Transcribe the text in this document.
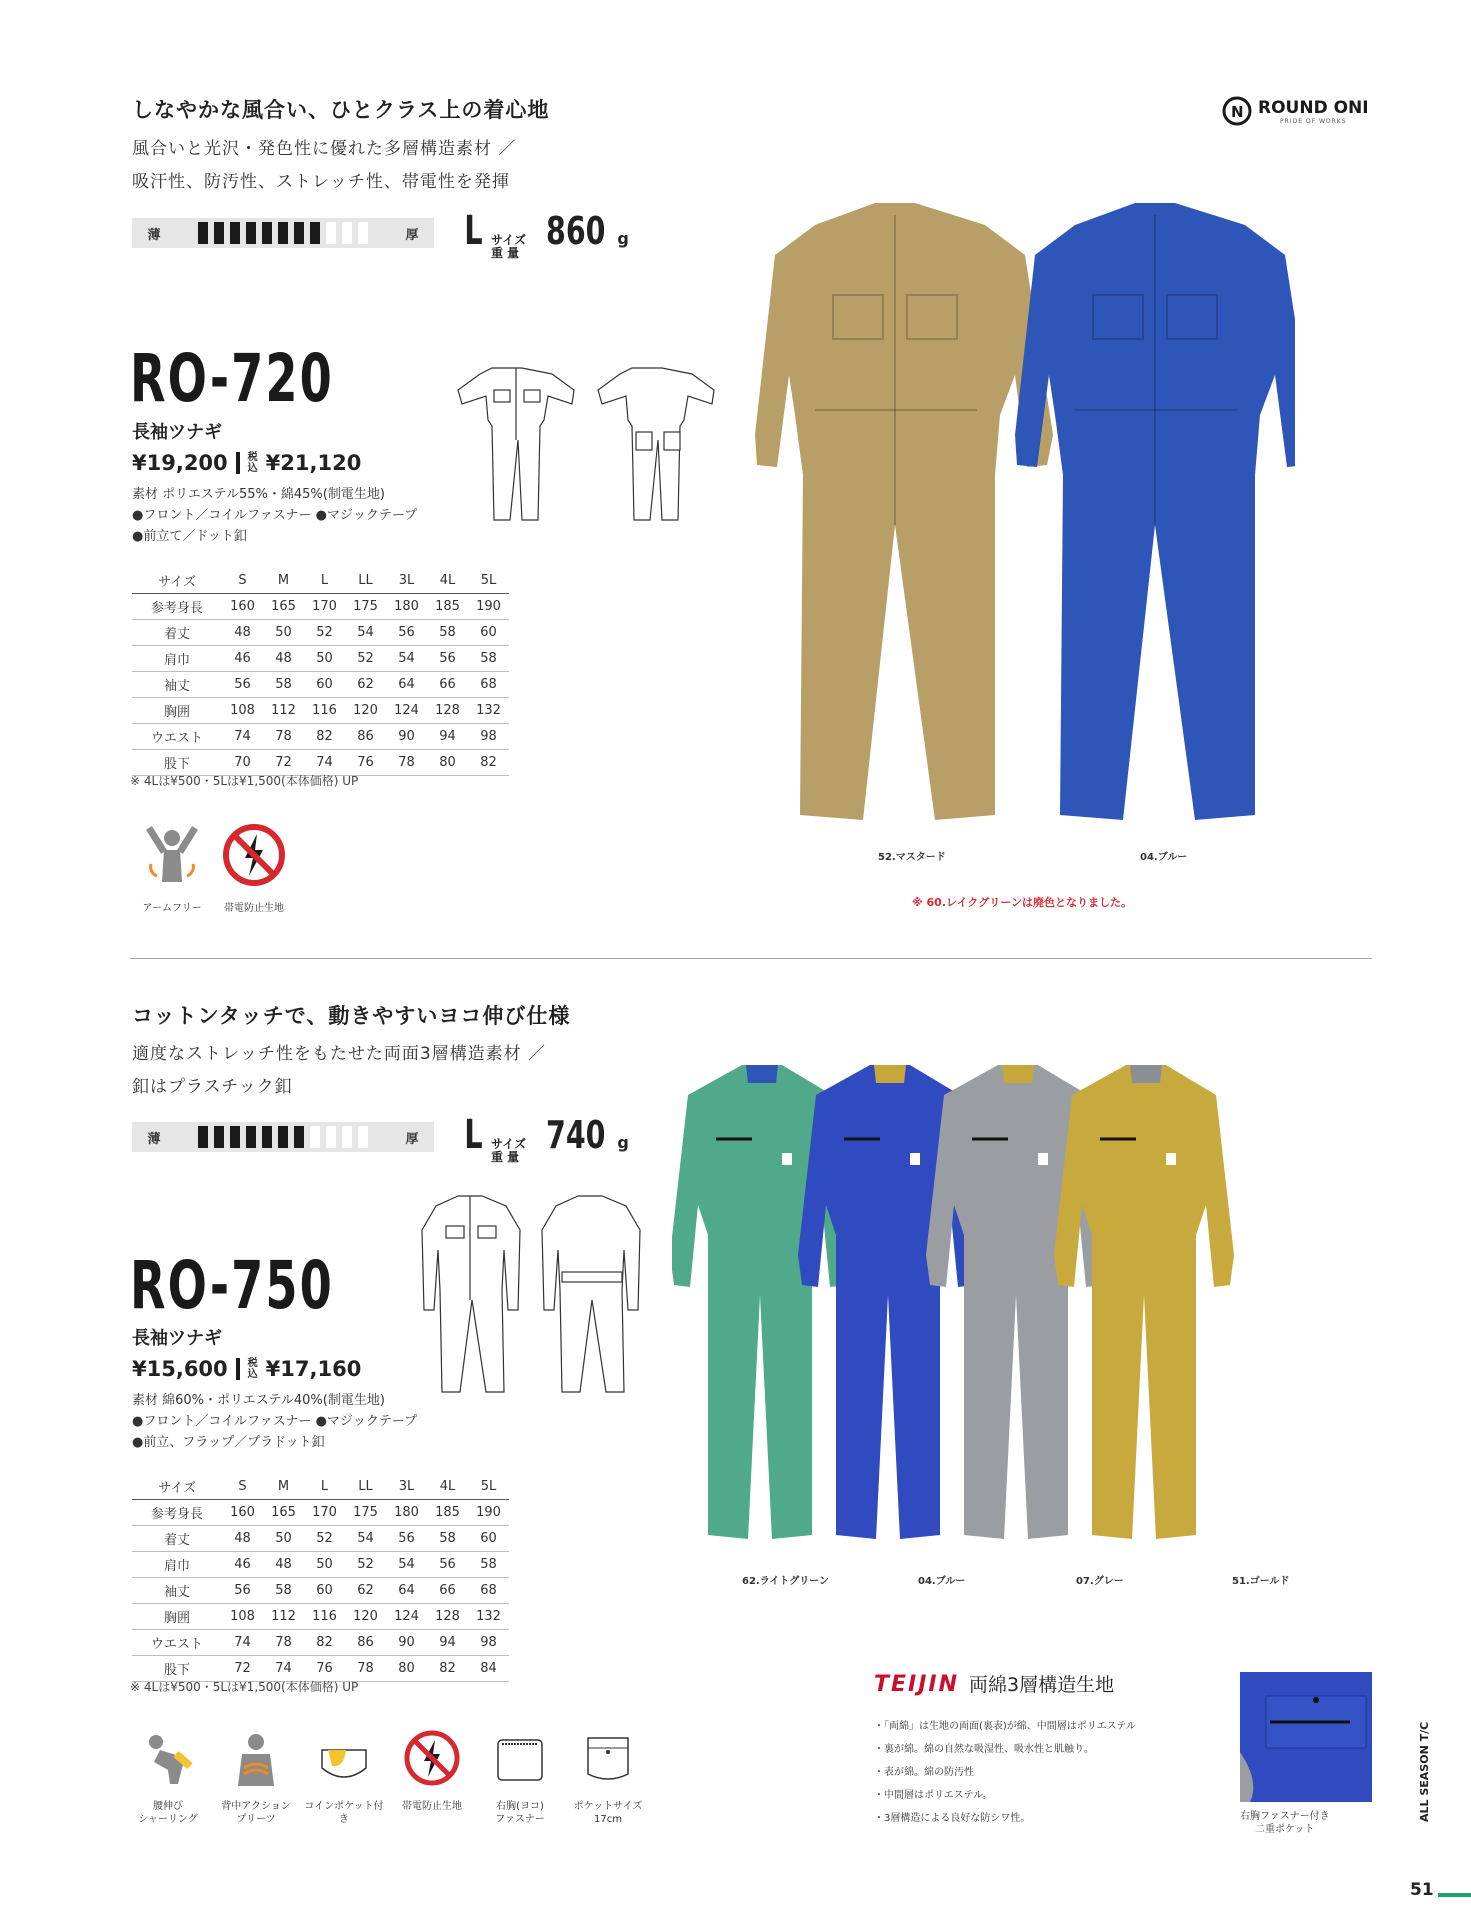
N ROUND ONI
PRIDE OF WORKS
しなやかな風合い、ひとクラス上の着心地
風合いと光沢・発色性に優れた多層構造素材 ／
吸汗性、防汚性、ストレッチ性、帯電性を発揮
薄	厚	L サイズ
重 量 860 g
RO-720
長袖ツナギ
¥19,200 税
込 ¥21,120
素材 ポリエステル55%・綿45%(制電生地)
●フロント／コイルファスナー ●マジックテープ
●前立て／ドット釦
サイズ	S	M	L	LL	3L	4L	5L
参考身長	160	165	170	175	180	185	190
着丈	48	50	52	54	56	58	60
肩巾	46	48	50	52	54	56	58
袖丈	56	58	60	62	64	66	68
胸囲	108	112	116	120	124	128	132
ウエスト	74	78	82	86	90	94	98
股下	70	72	74	76	78	80	82
※ 4Lは¥500・5Lは¥1,500(本体価格) UP
アームフリー 帯電防止生地
52.マスタード	04.ブルー
※ 60.レイクグリーンは廃色となりました。
コットンタッチで、動きやすいヨコ伸び仕様
適度なストレッチ性をもたせた両面3層構造素材 ／
釦はプラスチック釦
薄	厚	L サイズ
重 量 740 g
RO-750
長袖ツナギ
¥15,600 税
込 ¥17,160
素材 綿60%・ポリエステル40%(制電生地)
●フロント／コイルファスナー ●マジックテープ
●前立、フラップ／プラドット釦
サイズ	S	M	L	LL	3L	4L	5L
参考身長	160	165	170	175	180	185	190
着丈	48	50	52	54	56	58	60
肩巾	46	48	50	52	54	56	58
袖丈	56	58	60	62	64	66	68
胸囲	108	112	116	120	124	128	132
ウエスト	74	78	82	86	90	94	98
股下	72	74	76	78	80	82	84
※ 4Lは¥500・5Lは¥1,500(本体価格) UP
腰伸び
シャーリング
背中アクション
プリーツ
コインポケット付き
帯電防止生地	右胸(ヨコ)
ファスナー
ポケットサイズ
17cm
62.ライトグリーン	04.ブルー	07.グレー	51.ゴールド
TEIJIN 両綿3層構造生地
・「両綿」は生地の両面(裏表)が綿、中間層はポリエステル
・裏が綿。綿の自然な吸湿性、吸水性と肌触り。
・表が綿。綿の防汚性
・中間層はポリエステル。
・3層構造による良好な防シワ性。	右胸ファスナー付き
二重ポケット
ALL SEASON T/C
51
